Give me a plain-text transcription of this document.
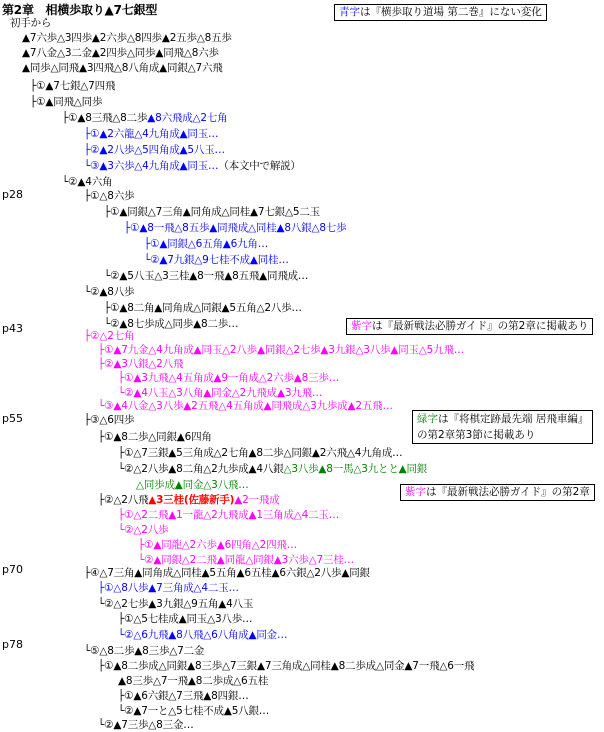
第2章　相横歩取り▲7七銀型	青字は『横歩取り道場 第二巻』にない変化
紫字は『最新戦法必勝ガイド』の第2章に掲載あり
緑字は『将棋定跡最先端 居飛車編』
の第2章第3節に掲載あり
紫字は『最新戦法必勝ガイド』の第2章
p28
p43
p55
p70
p78
初手から
▲7六歩△3四歩▲2六歩△8四歩▲2五歩△8五歩
▲7八金△3二金▲2四歩△同歩▲同飛△8六歩
▲同歩△同飛▲3四飛△8八角成▲同銀△7六飛
├①▲7七銀△7四飛
├①▲同飛△同歩
├①▲8三飛△8二歩▲8六飛成△2七角
├①▲2六龍△4九角成▲同玉…
├②▲2八歩△5四角成▲5八玉…
└③▲3六歩△4九角成▲同玉…（本文中で解説）
└②▲4六角
├①△8六歩
├①▲同銀△7三角▲同角成△同桂▲7七銀△5二玉
├①▲8一飛△8五歩▲同飛成△同桂▲8八銀△8七歩
├①▲同銀△6五角▲6九角…
└②▲7九銀△9七桂不成▲同桂…
└②▲5八玉△3三桂▲8一飛▲8五飛▲同飛成…
└②▲8八歩
├①▲8二角▲同角成△同銀▲5五角△2八歩…
└②▲8七歩成△同歩▲8二歩…
├②△2七角
├①▲7九金△4九角成▲同玉△2八歩▲同銀△2七歩▲3九銀△3八歩▲同玉△5九飛…
├②▲3八銀△2八飛
├①▲3九飛△4五角成▲9一角成△2六歩▲8三歩…
└②▲4八玉△3八角▲同金△2九飛成▲3九飛…
└③▲4八金△3八歩▲2五飛△4五角成▲同飛成△3九歩成▲2五飛…
├③△6四歩
├①▲8二歩△同銀▲6四角
├①△7三銀▲5三角成△2七角▲8二歩△同銀▲2六飛△4九角成…
└②△2八歩▲8二角△2九歩成▲4八銀△3八歩▲8一馬△3九とと▲同銀
△同歩成▲同金△3八飛…
├②△2八飛▲3三桂(佐藤新手)▲2一飛成
├①△2二飛▲1一龍△2九飛成▲1三角成△4二玉…
└②△2八歩
├①▲同龍△2六歩▲6四角△2四飛…
└②▲同銀△2二飛▲同龍△同銀▲3六歩△7三桂…
├④△7三角▲同角成△同桂▲5五角▲6五桂▲6六銀△2八歩▲同銀
├①△8八歩▲7三角成△4二玉…
└②△2七歩▲3九銀△9五角▲4八玉
├①△5七桂成▲同玉△3八歩…
└②△6九飛▲8八飛△6八角成▲同金…
└⑤△8二歩▲8三歩△7二金
├①▲8二歩成△同銀▲8三歩△7三銀▲7三角成△同桂▲8二歩成△同金▲7一飛△6一飛
▲8三歩△7一飛▲8二歩成△6五桂
├①▲6六銀△7三飛▲8四銀…
└②▲7一と△5七桂不成▲5八銀…
└②▲7三歩△8三金…
